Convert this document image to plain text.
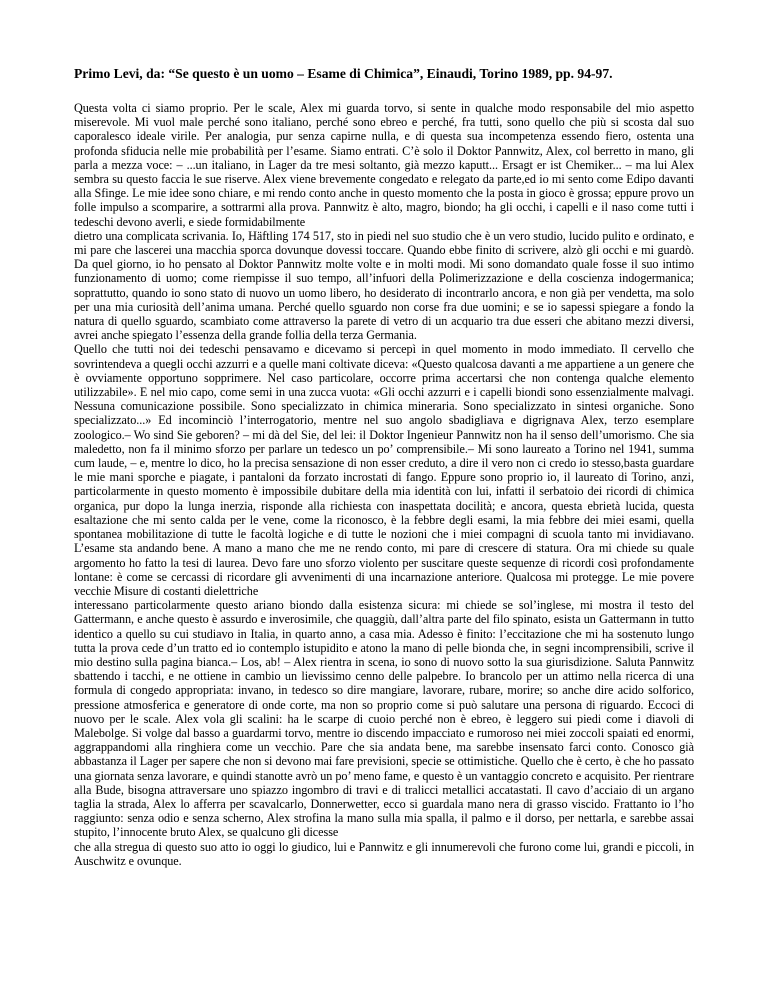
Primo Levi, da: “Se questo è un uomo – Esame di Chimica”, Einaudi, Torino 1989, pp. 94-97.

Questa volta ci siamo proprio. Per le scale, Alex mi guarda torvo, si sente in qualche modo responsabile del mio aspetto miserevole. Mi vuol male perché sono italiano, perché sono ebreo e perché, fra tutti, sono quello che più si scosta dal suo caporalesco ideale virile. Per analogia, pur senza capirne nulla, e di questa sua incompetenza essendo fiero, ostenta una profonda sfiducia nelle mie probabilità per l’esame. Siamo entrati. C’è solo il Doktor Pannwitz, Alex, col berretto in mano, gli parla a mezza voce: – ...un italiano, in Lager da tre mesi soltanto, già mezzo kaputt... Ersagt er ist Chemiker... – ma lui Alex sembra su questo faccia le sue riserve. Alex viene brevemente congedato e relegato da parte,ed io mi sento come Edipo davanti alla Sfinge. Le mie idee sono chiare, e mi rendo conto anche in questo momento che la posta in gioco è grossa; eppure provo un folle impulso a scomparire, a sottrarmi alla prova. Pannwitz è alto, magro, biondo; ha gli occhi, i capelli e il naso come tutti i tedeschi devono averli, e siede formidabilmente

dietro una complicata scrivania. Io, Häftling 174 517, sto in piedi nel suo studio che è un vero studio, lucido pulito e ordinato, e mi pare che lascerei una macchia sporca dovunque dovessi toccare. Quando ebbe finito di scrivere, alzò gli occhi e mi guardò. Da quel giorno, io ho pensato al Doktor Pannwitz molte volte e in molti modi. Mi sono domandato quale fosse il suo intimo funzionamento di uomo; come riempisse il suo tempo, all’infuori della Polimerizzazione e della coscienza indogermanica; soprattutto, quando io sono stato di nuovo un uomo libero, ho desiderato di incontrarlo ancora, e non già per vendetta, ma solo per una mia curiosità dell’anima umana. Perché quello sguardo non corse fra due uomini; e se io sapessi spiegare a fondo la natura di quello sguardo, scambiato come attraverso la parete di vetro di un acquario tra due esseri che abitano mezzi diversi, avrei anche spiegato l’essenza della grande follia della terza Germania.

Quello che tutti noi dei tedeschi pensavamo e dicevamo si percepì in quel momento in modo immediato. Il cervello che sovrintendeva a quegli occhi azzurri e a quelle mani coltivate diceva: «Questo qualcosa davanti a me appartiene a un genere che è ovviamente opportuno sopprimere. Nel caso particolare, occorre prima accertarsi che non contenga qualche elemento utilizzabile». E nel mio capo, come semi in una zucca vuota: «Gli occhi azzurri e i capelli biondi sono essenzialmente malvagi. Nessuna comunicazione possibile. Sono specializzato in chimica mineraria. Sono specializzato in sintesi organiche. Sono specializzato...» Ed incominciò l’interrogatorio, mentre nel suo angolo sbadigliava e digrignava Alex, terzo esemplare zoologico.– Wo sind Sie geboren? – mi dà del Sie, del lei: il Doktor Ingenieur Pannwitz non ha il senso dell’umorismo. Che sia maledetto, non fa il minimo sforzo per parlare un tedesco un po’ comprensibile.– Mi sono laureato a Torino nel 1941, summa cum laude, – e, mentre lo dico, ho la precisa sensazione di non esser creduto, a dire il vero non ci credo io stesso,basta guardare le mie mani sporche e piagate, i pantaloni da forzato incrostati di fango. Eppure sono proprio io, il laureato di Torino, anzi, particolarmente in questo momento è impossibile dubitare della mia identità con lui, infatti il serbatoio dei ricordi di chimica organica, pur dopo la lunga inerzia, risponde alla richiesta con inaspettata docilità; e ancora, questa ebrietà lucida, questa esaltazione che mi sento calda per le vene, come la riconosco, è la febbre degli esami, la mia febbre dei miei esami, quella spontanea mobilitazione di tutte le facoltà logiche e di tutte le nozioni che i miei compagni di scuola tanto mi invidiavano. L’esame sta andando bene. A mano a mano che me ne rendo conto, mi pare di crescere di statura. Ora mi chiede su quale argomento ho fatto la tesi di laurea. Devo fare uno sforzo violento per suscitare queste sequenze di ricordi così profondamente lontane: è come se cercassi di ricordare gli avvenimenti di una incarnazione anteriore. Qualcosa mi protegge. Le mie povere vecchie Misure di costanti dielettriche

interessano particolarmente questo ariano biondo dalla esistenza sicura: mi chiede se sol’inglese, mi mostra il testo del Gattermann, e anche questo è assurdo e inverosimile, che quaggiù, dall’altra parte del filo spinato, esista un Gattermann in tutto identico a quello su cui studiavo in Italia, in quarto anno, a casa mia. Adesso è finito: l’eccitazione che mi ha sostenuto lungo tutta la prova cede d’un tratto ed io contemplo istupidito e atono la mano di pelle bionda che, in segni incomprensibili, scrive il mio destino sulla pagina bianca.– Los, ab! – Alex rientra in scena, io sono di nuovo sotto la sua giurisdizione. Saluta Pannwitz sbattendo i tacchi, e ne ottiene in cambio un lievissimo cenno delle palpebre. Io brancolo per un attimo nella ricerca di una formula di congedo appropriata: invano, in tedesco so dire mangiare, lavorare, rubare, morire; so anche dire acido solforico, pressione atmosferica e generatore di onde corte, ma non so proprio come si può salutare una persona di riguardo. Eccoci di nuovo per le scale. Alex vola gli scalini: ha le scarpe di cuoio perché non è ebreo, è leggero sui piedi come i diavoli di Malebolge. Si volge dal basso a guardarmi torvo, mentre io discendo impacciato e rumoroso nei miei zoccoli spaiati ed enormi, aggrappandomi alla ringhiera come un vecchio. Pare che sia andata bene, ma sarebbe insensato farci conto. Conosco già abbastanza il Lager per sapere che non si devono mai fare previsioni, specie se ottimistiche. Quello che è certo, è che ho passato una giornata senza lavorare, e quindi stanotte avrò un po’ meno fame, e questo è un vantaggio concreto e acquisito. Per rientrare alla Bude, bisogna attraversare uno spiazzo ingombro di travi e di tralicci metallici accatastati. Il cavo d’acciaio di un argano taglia la strada, Alex lo afferra per scavalcarlo, Donnerwetter, ecco si guardala mano nera di grasso viscido. Frattanto io l’ho raggiunto: senza odio e senza scherno, Alex strofina la mano sulla mia spalla, il palmo e il dorso, per nettarla, e sarebbe assai stupito, l’innocente bruto Alex, se qualcuno gli dicesse

che alla stregua di questo suo atto io oggi lo giudico, lui e Pannwitz e gli innumerevoli che furono come lui, grandi e piccoli, in Auschwitz e ovunque.
